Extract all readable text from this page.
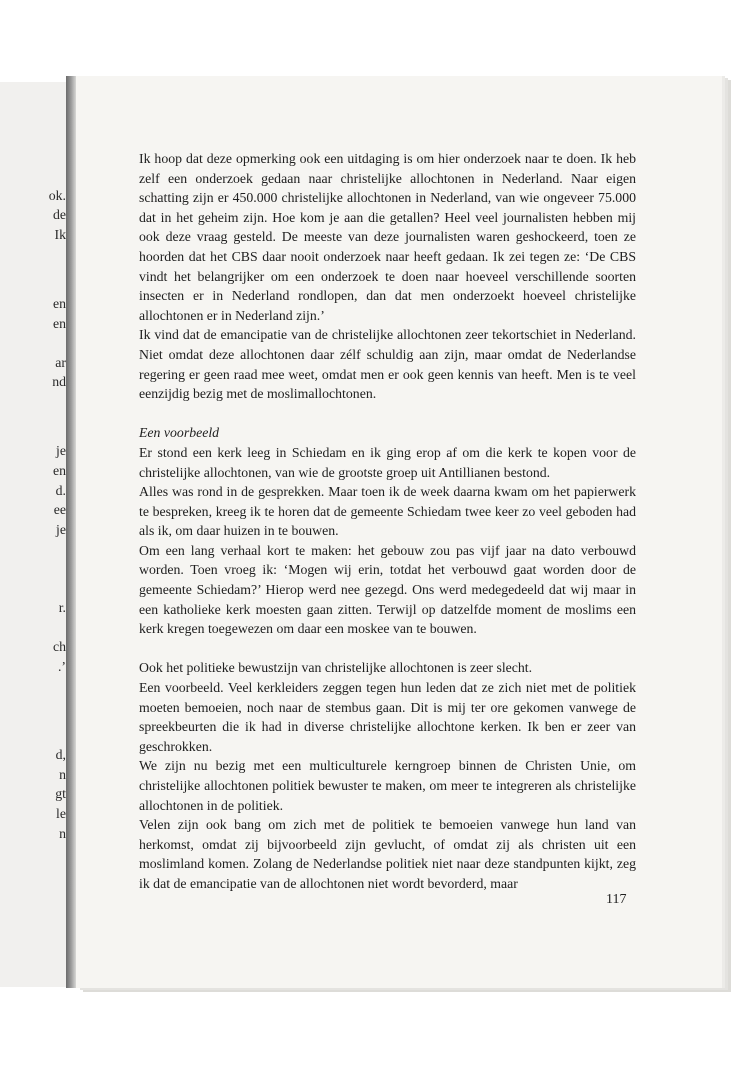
ok.
de
Ik
en
en
ar
nd
je
en
d.
ee
je
r.
ch
.’
d,
n
gt
le
n

Ik hoop dat deze opmerking ook een uitdaging is om hier onderzoek naar te doen. Ik heb zelf een onderzoek gedaan naar christelijke allochtonen in Nederland. Naar eigen schatting zijn er 450.000 christelijke allochtonen in Nederland, van wie ongeveer 75.000 dat in het geheim zijn. Hoe kom je aan die getallen? Heel veel journalisten hebben mij ook deze vraag gesteld. De meeste van deze journalisten waren geshockeerd, toen ze hoorden dat het CBS daar nooit onderzoek naar heeft gedaan. Ik zei tegen ze: ‘De CBS vindt het belangrijker om een onderzoek te doen naar hoeveel verschillende soorten insecten er in Nederland rondlopen, dan dat men onderzoekt hoeveel christelijke allochtonen er in Nederland zijn.’

Ik vind dat de emancipatie van de christelijke allochtonen zeer tekortschiet in Nederland. Niet omdat deze allochtonen daar zélf schuldig aan zijn, maar omdat de Nederlandse regering er geen raad mee weet, omdat men er ook geen kennis van heeft. Men is te veel eenzijdig bezig met de moslimallochtonen.

Een voorbeeld

Er stond een kerk leeg in Schiedam en ik ging erop af om die kerk te kopen voor de christelijke allochtonen, van wie de grootste groep uit Antillianen bestond.

Alles was rond in de gesprekken. Maar toen ik de week daarna kwam om het papierwerk te bespreken, kreeg ik te horen dat de gemeente Schiedam twee keer zo veel geboden had als ik, om daar huizen in te bouwen.

Om een lang verhaal kort te maken: het gebouw zou pas vijf jaar na dato verbouwd worden. Toen vroeg ik: ‘Mogen wij erin, totdat het verbouwd gaat worden door de gemeente Schiedam?’ Hierop werd nee gezegd. Ons werd medegedeeld dat wij maar in een katholieke kerk moesten gaan zitten. Terwijl op datzelfde moment de moslims een kerk kregen toegewezen om daar een moskee van te bouwen.

Ook het politieke bewustzijn van christelijke allochtonen is zeer slecht.

Een voorbeeld. Veel kerkleiders zeggen tegen hun leden dat ze zich niet met de politiek moeten bemoeien, noch naar de stembus gaan. Dit is mij ter ore gekomen vanwege de spreekbeurten die ik had in diverse christelijke allochtone kerken. Ik ben er zeer van geschrokken.

We zijn nu bezig met een multiculturele kerngroep binnen de Christen Unie, om christelijke allochtonen politiek bewuster te maken, om meer te integreren als christelijke allochtonen in de politiek.

Velen zijn ook bang om zich met de politiek te bemoeien vanwege hun land van herkomst, omdat zij bijvoorbeeld zijn gevlucht, of omdat zij als christen uit een moslimland komen. Zolang de Nederlandse politiek niet naar deze standpunten kijkt, zeg ik dat de emancipatie van de allochtonen niet wordt bevorderd, maar

117
